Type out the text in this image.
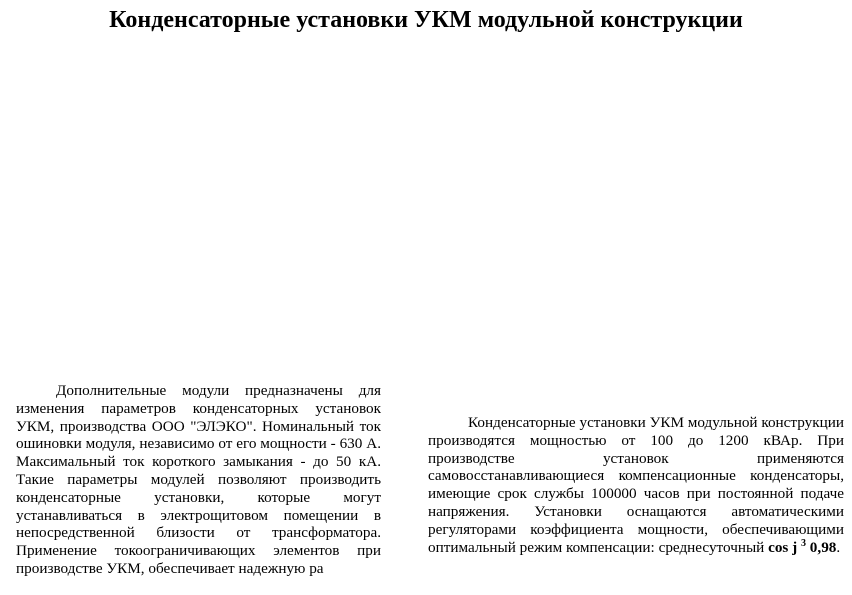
Конденсаторные установки УКМ модульной конструкции

Дополнительные модули предназначены для изменения параметров конденсаторных установок УКМ, производства ООО "ЭЛЭКО". Номинальный ток ошиновки модуля, независимо от его мощности - 630 А. Максимальный ток короткого замыкания - до 50 кА. Такие параметры модулей позволяют производить конденсаторные установки, которые могут устанавливаться в электрощитовом помещении в непосредственной близости от трансформатора. Применение токоограничивающих элементов при производстве УКМ, обеспечивает надежную ра

Конденсаторные установки УКМ модульной конструкции производятся мощностью от 100 до 1200 кВАр. При производстве установок применяются самовосстанавливающиеся компенсационные конденсаторы, имеющие срок службы 100000 часов при постоянной подаче напряжения. Установки оснащаются автоматическими регуляторами коэффициента мощности, обеспечивающими оптимальный режим компенсации: среднесуточный cos j $^3$ 0,98.
